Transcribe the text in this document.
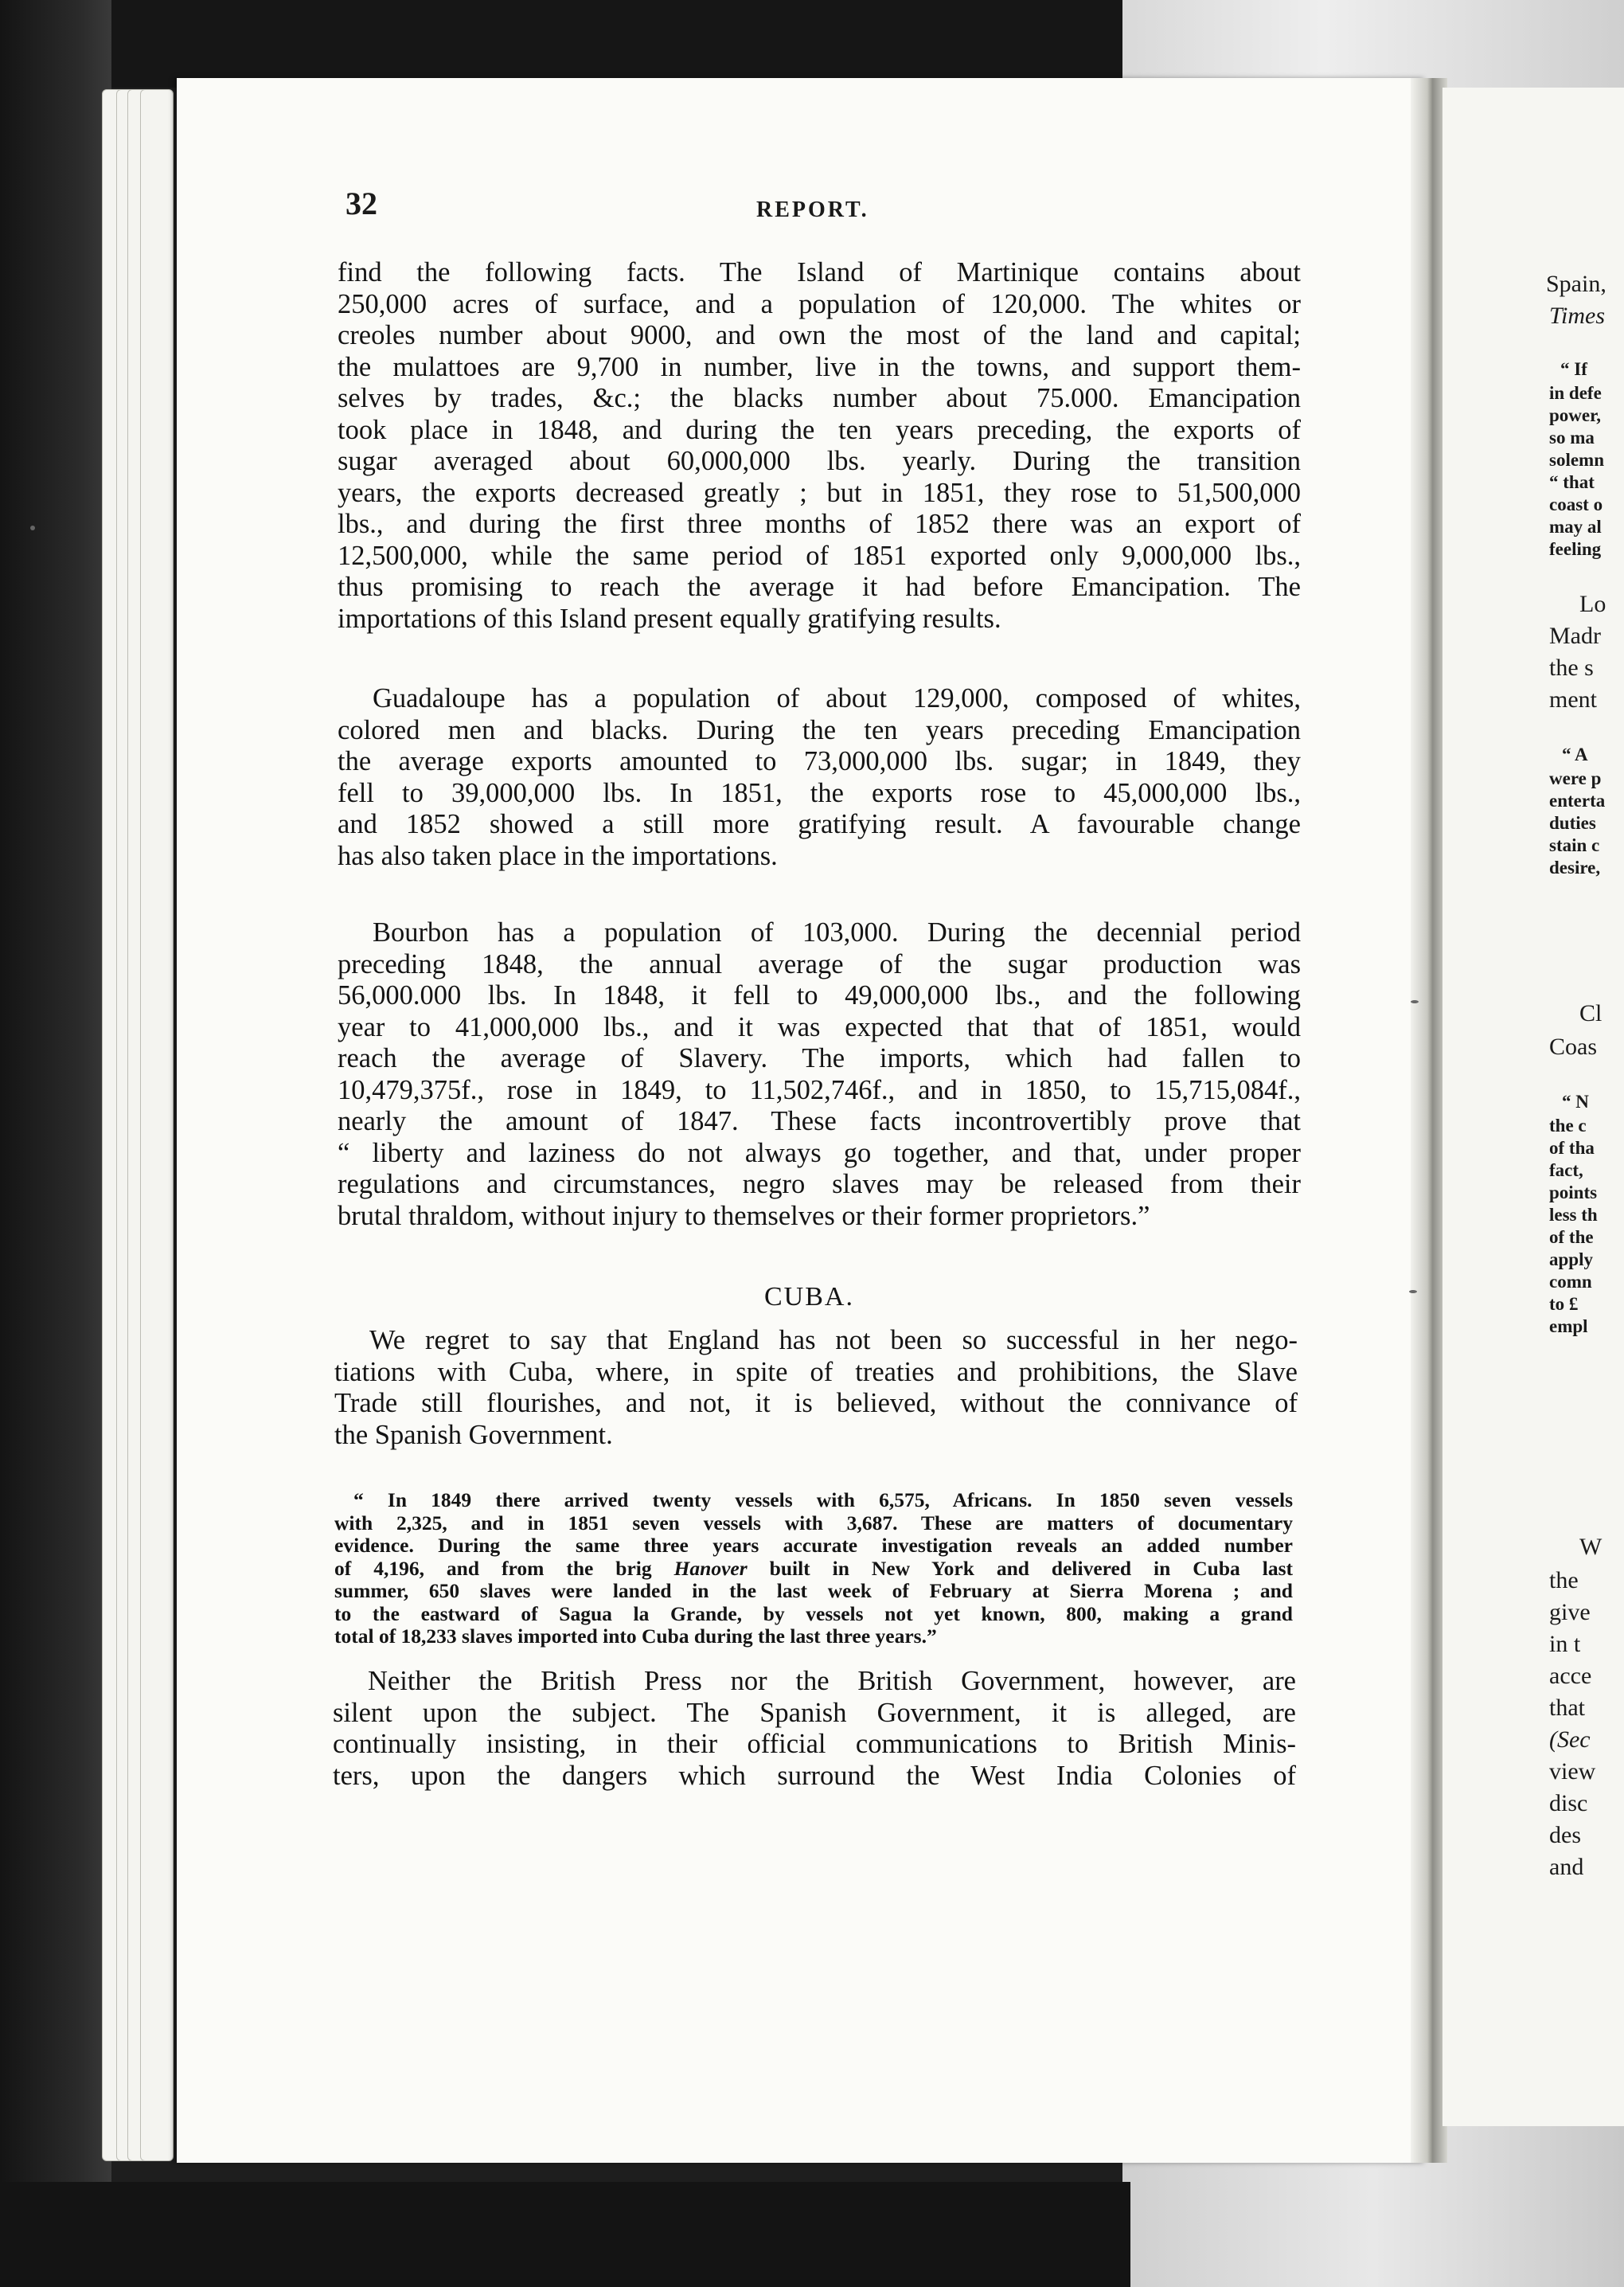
Spain,
Times
“ If
in defe
power,
so ma
solemn
“ that
coast o
may al
feeling
Lo
Madr
the s
ment
“ A
were p
enterta
duties
stain c
desire,
Cl
Coas
“ N
the c
of tha
fact,
points
less th
of the
apply
comn
to £
empl
W
the
give
in t
acce
that
(Sec
view
disc
des
and
32	REPORT.
find the following facts. The Island of Martinique contains about
250,000 acres of surface, and a population of 120,000. The whites or
creoles number about 9000, and own the most of the land and capital;
the mulattoes are 9,700 in number, live in the towns, and support them-
selves by trades, &c.; the blacks number about 75.000. Emancipation
took place in 1848, and during the ten years preceding, the exports of
sugar averaged about 60,000,000 lbs. yearly. During the transition
years, the exports decreased greatly ; but in 1851, they rose to 51,500,000
lbs., and during the first three months of 1852 there was an export of
12,500,000, while the same period of 1851 exported only 9,000,000 lbs.,
thus promising to reach the average it had before Emancipation. The
importations of this Island present equally gratifying results.
Guadaloupe has a population of about 129,000, composed of whites,
colored men and blacks. During the ten years preceding Emancipation
the average exports amounted to 73,000,000 lbs. sugar; in 1849, they
fell to 39,000,000 lbs. In 1851, the exports rose to 45,000,000 lbs.,
and 1852 showed a still more gratifying result. A favourable change
has also taken place in the importations.
Bourbon has a population of 103,000. During the decennial period
preceding 1848, the annual average of the sugar production was
56,000.000 lbs. In 1848, it fell to 49,000,000 lbs., and the following
year to 41,000,000 lbs., and it was expected that that of 1851, would
reach the average of Slavery. The imports, which had fallen to
10,479,375f., rose in 1849, to 11,502,746f., and in 1850, to 15,715,084f.,
nearly the amount of 1847. These facts incontrovertibly prove that
“ liberty and laziness do not always go together, and that, under proper
regulations and circumstances, negro slaves may be released from their
brutal thraldom, without injury to themselves or their former proprietors.”
CUBA.
We regret to say that England has not been so successful in her nego-
tiations with Cuba, where, in spite of treaties and prohibitions, the Slave
Trade still flourishes, and not, it is believed, without the connivance of
the Spanish Government.
“ In 1849 there arrived twenty vessels with 6,575, Africans. In 1850 seven vessels
with 2,325, and in 1851 seven vessels with 3,687. These are matters of documentary
evidence. During the same three years accurate investigation reveals an added number
of 4,196, and from the brig Hanover built in New York and delivered in Cuba last
summer, 650 slaves were landed in the last week of February at Sierra Morena ; and
to the eastward of Sagua la Grande, by vessels not yet known, 800, making a grand
total of 18,233 slaves imported into Cuba during the last three years.”
Neither the British Press nor the British Government, however, are
silent upon the subject. The Spanish Government, it is alleged, are
continually insisting, in their official communications to British Minis-
ters, upon the dangers which surround the West India Colonies of
